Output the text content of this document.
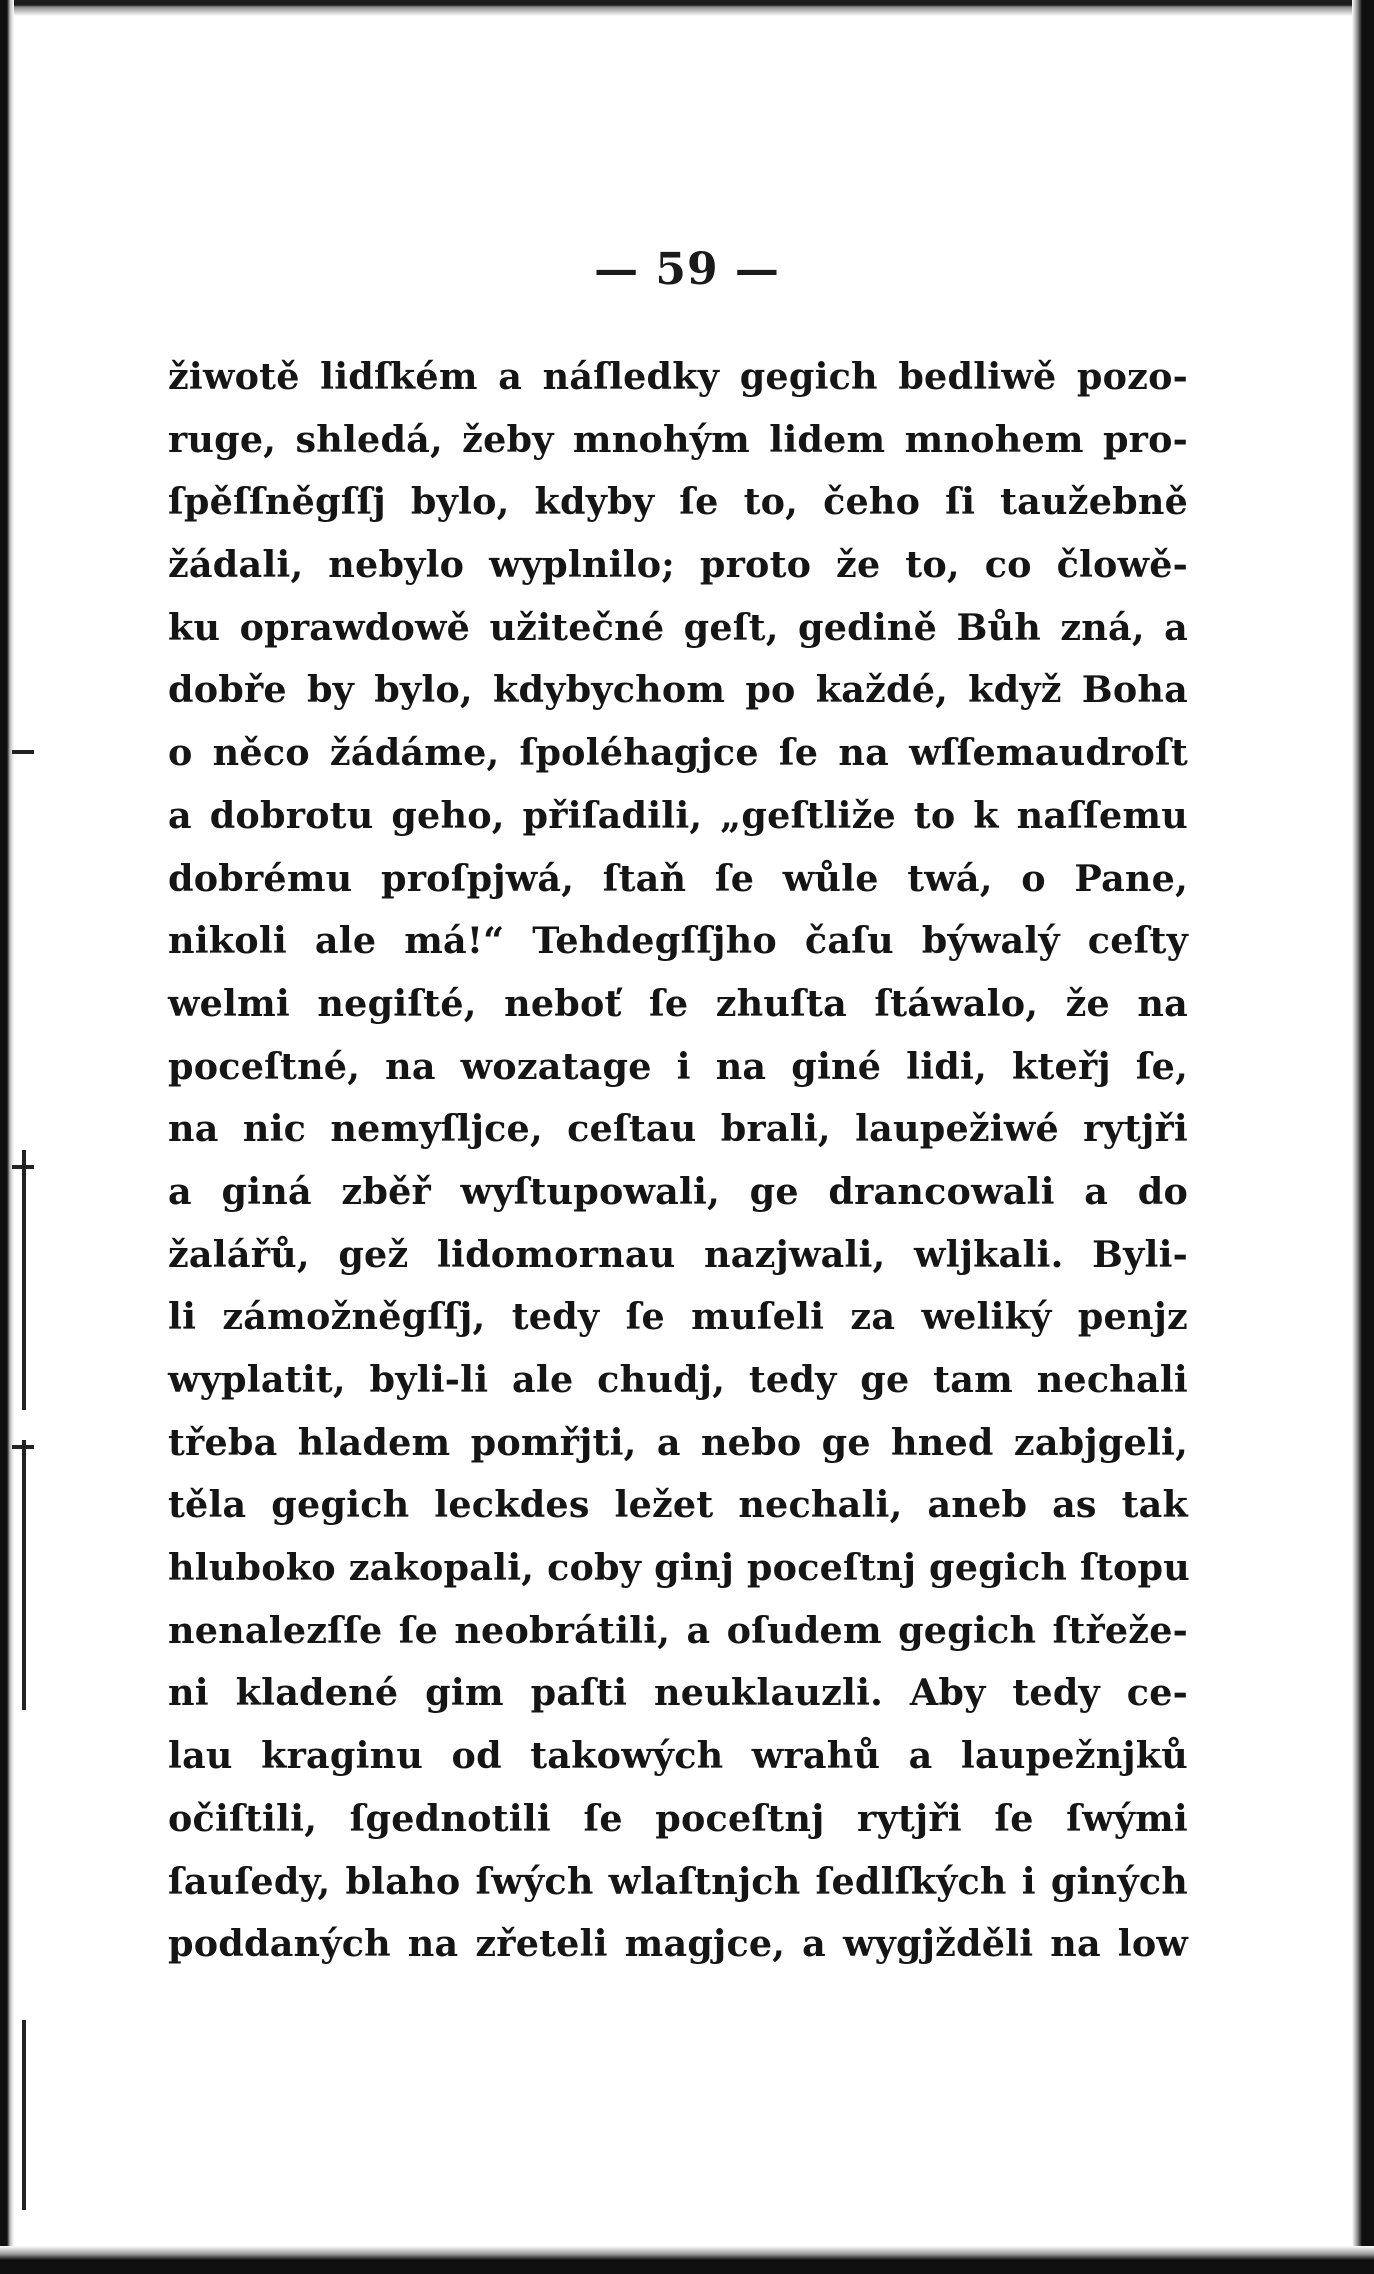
— 59 —
žiwotě lidſkém a náſledky gegich bedliwě pozo-
ruge, shledá, žeby mnohým lidem mnohem pro-
ſpěſſněgſſj bylo, kdyby ſe to, čeho ſi taužebně
žádali, nebylo wyplnilo; proto že to, co člowě-
ku oprawdowě užitečné geſt, gedině Bůh zná, a
dobře by bylo, kdybychom po každé, když Boha
o něco žádáme, ſpoléhagjce ſe na wſſemaudroſt
a dobrotu geho, přiſadili, „geſtliže to k naſſemu
dobrému proſpjwá, ſtaň ſe wůle twá, o Pane,
nikoli ale má!“ Tehdegſſjho čaſu býwalý ceſty
welmi negiſté, neboť ſe zhuſta ſtáwalo, že na
poceſtné, na wozatage i na giné lidi, kteřj ſe,
na nic nemyſljce, ceſtau brali, laupežiwé rytjři
a giná zběř wyſtupowali, ge drancowali a do
žalářů, gež lidomornau nazjwali, wljkali. Byli-
li zámožněgſſj, tedy ſe muſeli za weliký penjz
wyplatit, byli-li ale chudj, tedy ge tam nechali
třeba hladem pomřjti, a nebo ge hned zabjgeli,
těla gegich leckdes ležet nechali, aneb as tak
hluboko zakopali, coby ginj poceſtnj gegich ſtopu
nenalezſſe ſe neobrátili, a oſudem gegich ſtřeže-
ni kladené gim paſti neuklauzli. Aby tedy ce-
lau kraginu od takowých wrahů a laupežnjků
očiſtili, ſgednotili ſe poceſtnj rytjři ſe ſwými
ſauſedy, blaho ſwých wlaſtnjch ſedlſkých i giných
poddaných na zřeteli magjce, a wygjžděli na low
